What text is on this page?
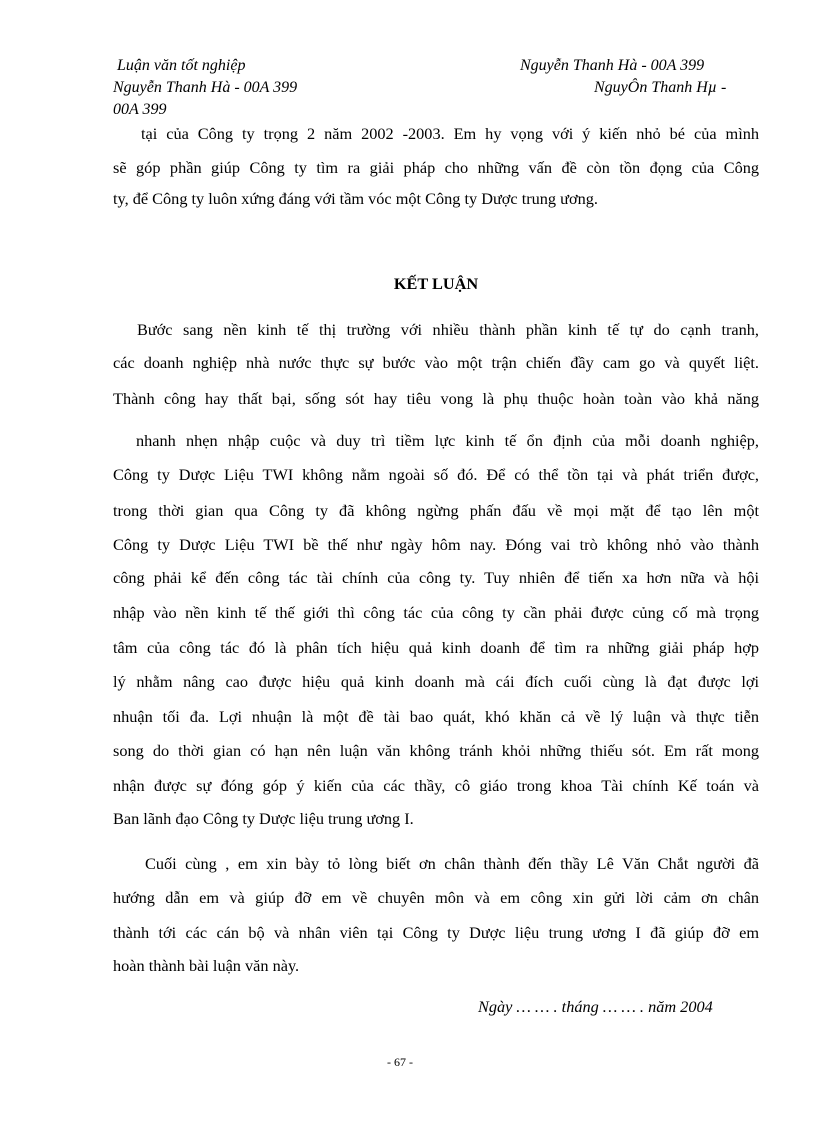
Luận văn tốt nghiệp	Nguyễn Thanh Hà - 00A 399
Nguyễn Thanh Hà - 00A 399	NguyÔn Thanh Hµ -
00A 399
tại của Công ty trọng 2 năm 2002 -2003. Em hy vọng với ý kiến nhỏ bé của mình
sẽ góp phần giúp Công ty tìm ra giải pháp cho những vấn đề còn tồn đọng của Công
ty, để Công ty luôn xứng đáng với tầm vóc một Công ty Dược trung ương.
KẾT LUẬN
Bước sang nền kinh tế thị trường với nhiều thành phần kinh tế tự do cạnh tranh,
các doanh nghiệp nhà nước thực sự bước vào một trận chiến đầy cam go và quyết liệt.
Thành công hay thất bại, sống sót hay tiêu vong là phụ thuộc hoàn toàn vào khả năng
nhanh nhẹn nhập cuộc và duy trì tiềm lực kinh tế ổn định của mỗi doanh nghiệp,
Công ty Dược Liệu TWI không nằm ngoài số đó. Để có thể tồn tại và phát triển được,
trong thời gian qua Công ty đã không ngừng phấn đấu về mọi mặt để tạo lên một
Công ty Dược Liệu TWI bề thế như ngày hôm nay. Đóng vai trò không nhỏ vào thành
công phải kể đến công tác tài chính của công ty. Tuy nhiên để tiến xa hơn nữa và hội
nhập vào nền kinh tế thế giới thì công tác của công ty cần phải được củng cố mà trọng
tâm của công tác đó là phân tích hiệu quả kinh doanh để tìm ra những giải pháp hợp
lý nhằm nâng cao được hiệu quả kinh doanh mà cái đích cuối cùng là đạt được lợi
nhuận tối đa. Lợi nhuận là một đề tài bao quát, khó khăn cả về lý luận và thực tiễn
song do thời gian có hạn nên luận văn không tránh khỏi những thiếu sót. Em rất mong
nhận được sự đóng góp ý kiến của các thầy, cô giáo trong khoa Tài chính Kế toán và
Ban lãnh đạo Công ty Dược liệu trung ương I.
Cuối cùng , em xin bày tỏ lòng biết ơn chân thành đến thầy Lê Văn Chắt người đã
hướng dẫn em và giúp đỡ em về chuyên môn và em công xin gửi lời cảm ơn chân
thành tới các cán bộ và nhân viên tại Công ty Dược liệu trung ương I đã giúp đỡ em
hoàn thành bài luận văn này.
Ngày … … . tháng … … . năm 2004
- 67 -
